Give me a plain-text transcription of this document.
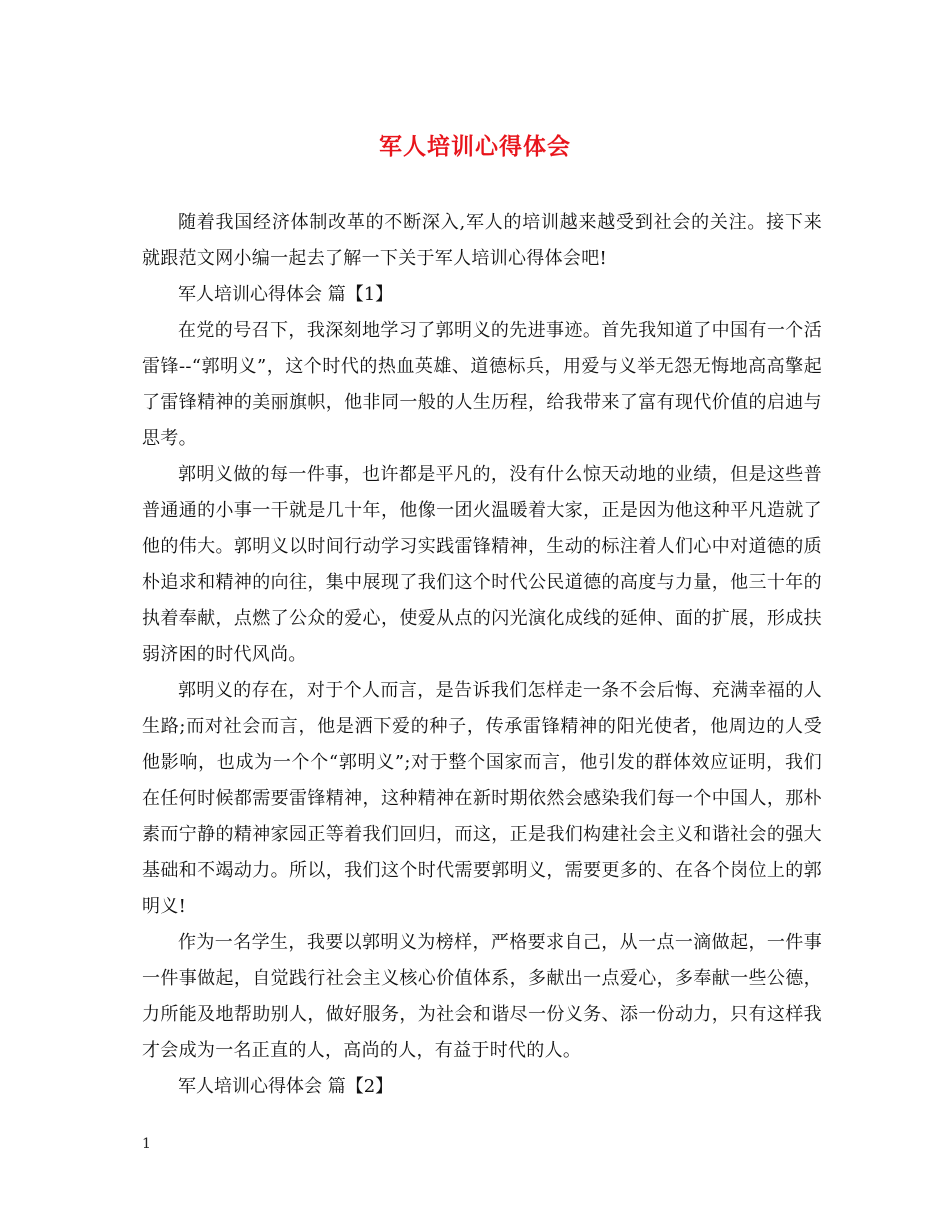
军人培训心得体会

随着我国经济体制改革的不断深入,军人的培训越来越受到社会的关注。接下来就跟范文网小编一起去了解一下关于军人培训心得体会吧!

军人培训心得体会 篇【1】

在党的号召下，我深刻地学习了郭明义的先进事迹。首先我知道了中国有一个活雷锋--“郭明义”，这个时代的热血英雄、道德标兵，用爱与义举无怨无悔地高高擎起了雷锋精神的美丽旗帜，他非同一般的人生历程，给我带来了富有现代价值的启迪与思考。

郭明义做的每一件事，也许都是平凡的，没有什么惊天动地的业绩，但是这些普普通通的小事一干就是几十年，他像一团火温暖着大家，正是因为他这种平凡造就了他的伟大。郭明义以时间行动学习实践雷锋精神，生动的标注着人们心中对道德的质朴追求和精神的向往，集中展现了我们这个时代公民道德的高度与力量，他三十年的执着奉献，点燃了公众的爱心，使爱从点的闪光演化成线的延伸、面的扩展，形成扶弱济困的时代风尚。

郭明义的存在，对于个人而言，是告诉我们怎样走一条不会后悔、充满幸福的人生路;而对社会而言，他是洒下爱的种子，传承雷锋精神的阳光使者，他周边的人受他影响，也成为一个个“郭明义”;对于整个国家而言，他引发的群体效应证明，我们在任何时候都需要雷锋精神，这种精神在新时期依然会感染我们每一个中国人，那朴素而宁静的精神家园正等着我们回归，而这，正是我们构建社会主义和谐社会的强大基础和不竭动力。所以，我们这个时代需要郭明义，需要更多的、在各个岗位上的郭明义!

作为一名学生，我要以郭明义为榜样，严格要求自己，从一点一滴做起，一件事一件事做起，自觉践行社会主义核心价值体系，多献出一点爱心，多奉献一些公德，力所能及地帮助别人，做好服务，为社会和谐尽一份义务、添一份动力，只有这样我才会成为一名正直的人，高尚的人，有益于时代的人。

军人培训心得体会 篇【2】

1
